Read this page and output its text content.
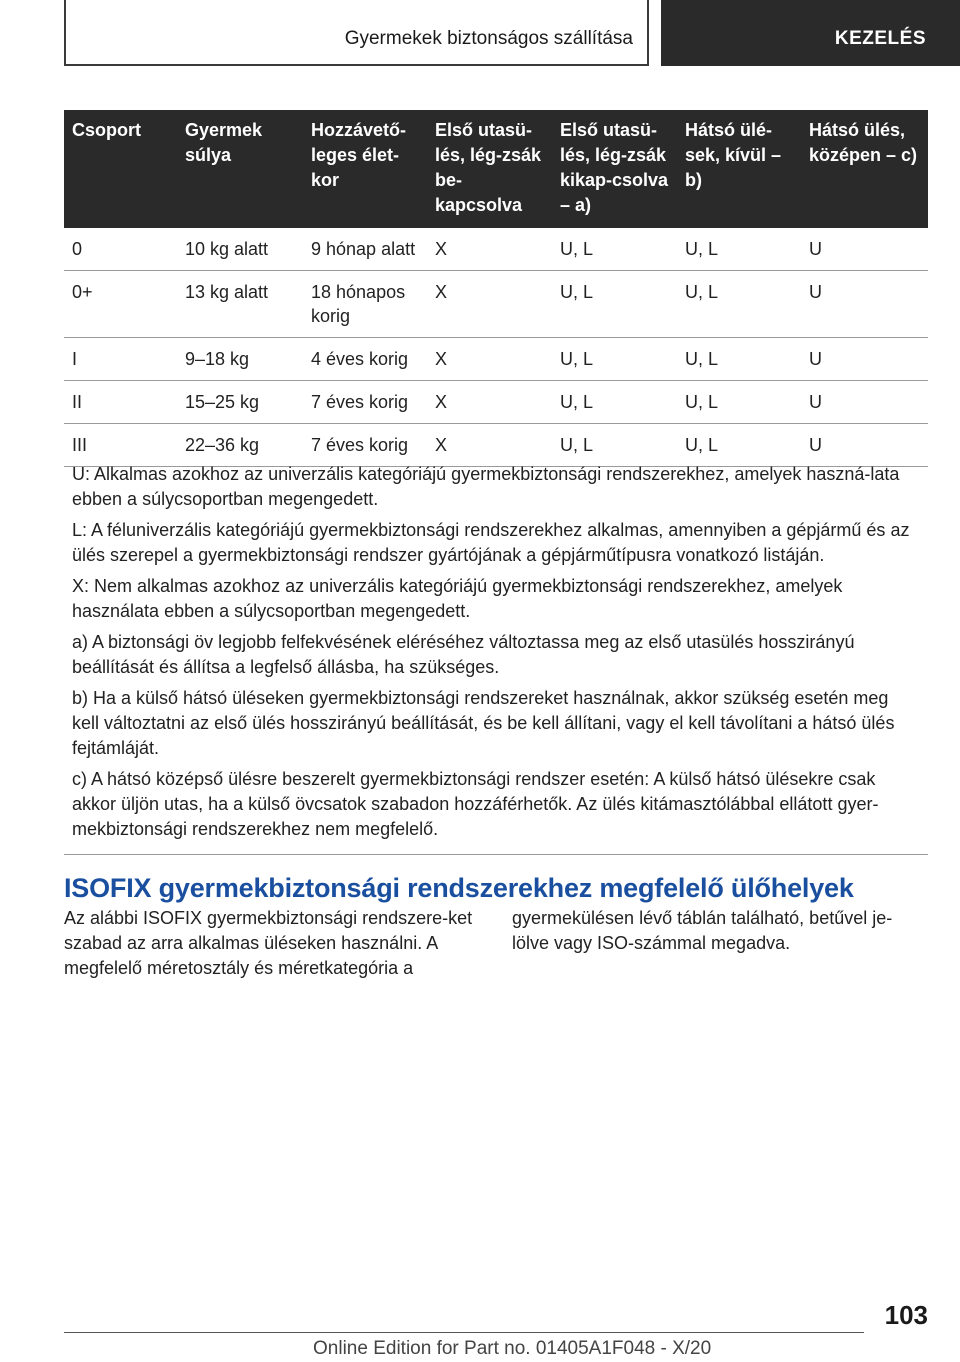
Gyermekek biztonságos szállítása	KEZELÉS
Csoport	Gyermek súlya	Hozzávető-leges élet-kor	Első utasü-lés, lég-zsák be-kapcsolva	Első utasü-lés, lég-zsák kikap-csolva – a)	Hátsó ülé-sek, kívül – b)	Hátsó ülés, középen – c)
0	10 kg alatt	9 hónap alatt	X	U, L	U, L	U
0+	13 kg alatt	18 hónapos korig	X	U, L	U, L	U
I	9–18 kg	4 éves korig	X	U, L	U, L	U
II	15–25 kg	7 éves korig	X	U, L	U, L	U
III	22–36 kg	7 éves korig	X	U, L	U, L	U

U: Alkalmas azokhoz az univerzális kategóriájú gyermekbiztonsági rendszerekhez, amelyek haszná-lata ebben a súlycsoportban megengedett.

L: A féluniverzális kategóriájú gyermekbiztonsági rendszerekhez alkalmas, amennyiben a gépjármű és az ülés szerepel a gyermekbiztonsági rendszer gyártójának a gépjárműtípusra vonatkozó listáján.

X: Nem alkalmas azokhoz az univerzális kategóriájú gyermekbiztonsági rendszerekhez, amelyek használata ebben a súlycsoportban megengedett.

a) A biztonsági öv legjobb felfekvésének eléréséhez változtassa meg az első utasülés hosszirányú beállítását és állítsa a legfelső állásba, ha szükséges.

b) Ha a külső hátsó üléseken gyermekbiztonsági rendszereket használnak, akkor szükség esetén meg kell változtatni az első ülés hosszirányú beállítását, és be kell állítani, vagy el kell távolítani a hátsó ülés fejtámláját.

c) A hátsó középső ülésre beszerelt gyermekbiztonsági rendszer esetén: A külső hátsó ülésekre csak akkor üljön utas, ha a külső övcsatok szabadon hozzáférhetők. Az ülés kitámasztólábbal ellátott gyer-mekbiztonsági rendszerekhez nem megfelelő.

ISOFIX gyermekbiztonsági rendszerekhez megfelelő ülőhelyek

Az alábbi ISOFIX gyermekbiztonsági rendszere-ket szabad az arra alkalmas üléseken használni. A megfelelő méretosztály és méretkategória a

gyermekülésen lévő táblán található, betűvel je-lölve vagy ISO-számmal megadva.

103
Online Edition for Part no. 01405A1F048 - X/20
